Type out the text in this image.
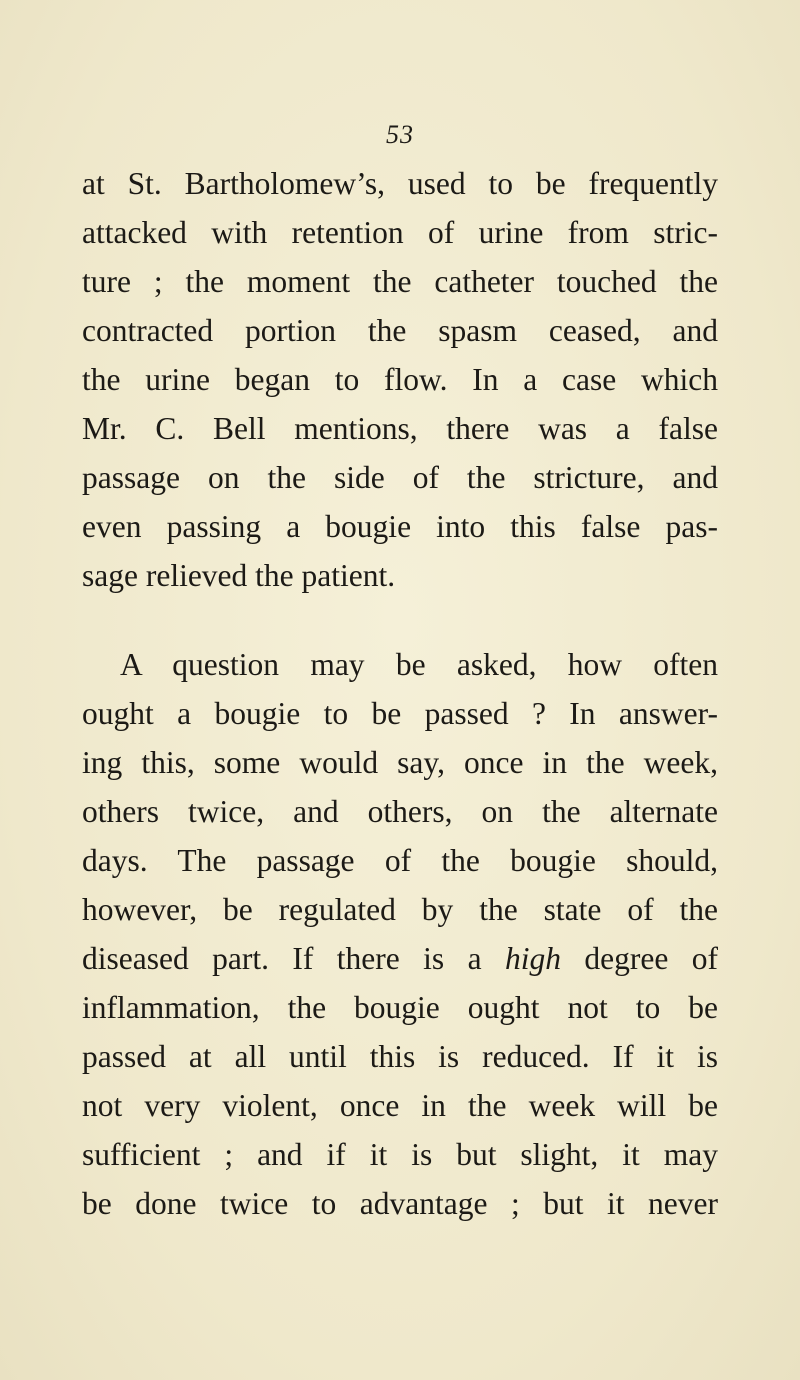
53
at St. Bartholomew’s, used to be frequently
attacked with retention of urine from stric-
ture ; the moment the catheter touched the
contracted portion the spasm ceased, and
the urine began to flow. In a case which
Mr. C. Bell mentions, there was a false
passage on the side of the stricture, and
even passing a bougie into this false pas-
sage relieved the patient.
A question may be asked, how often
ought a bougie to be passed ? In answer-
ing this, some would say, once in the week,
others twice, and others, on the alternate
days. The passage of the bougie should,
however, be regulated by the state of the
diseased part. If there is a high degree of
inflammation, the bougie ought not to be
passed at all until this is reduced. If it is
not very violent, once in the week will be
sufficient ; and if it is but slight, it may
be done twice to advantage ; but it never
